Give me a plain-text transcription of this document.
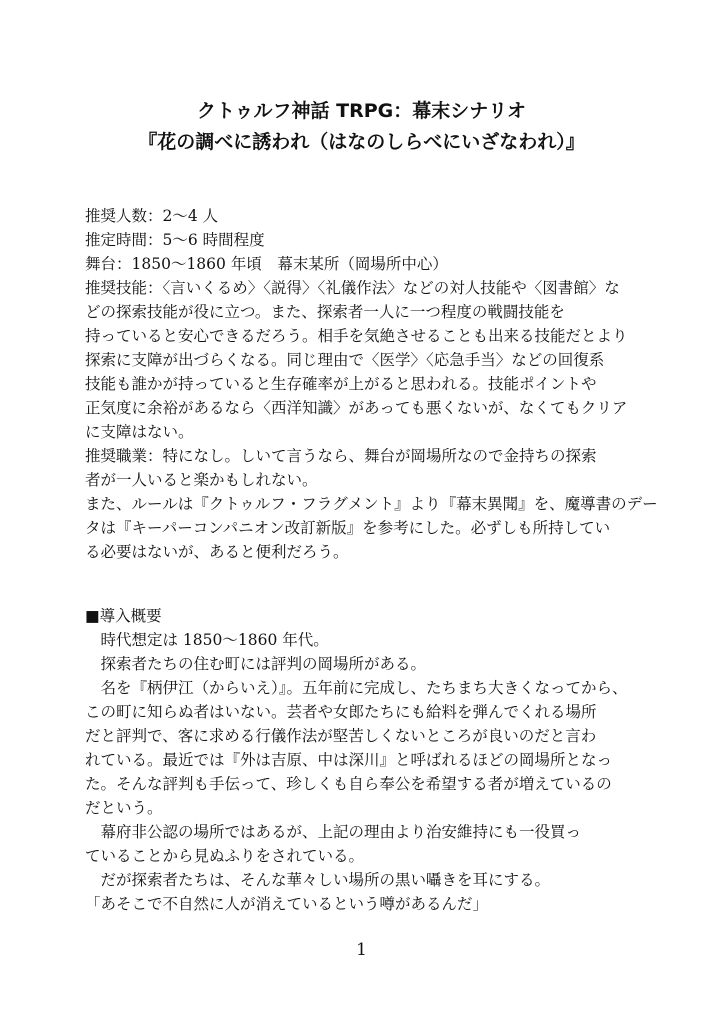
クトゥルフ神話 TRPG：幕末シナリオ
『花の調べに誘われ（はなのしらべにいざなわれ）』

推奨人数：2～4 人

推定時間：5～6 時間程度

舞台：1850～1860 年頃　幕末某所（岡場所中心）

推奨技能：〈言いくるめ〉〈説得〉〈礼儀作法〉などの対人技能や〈図書館〉な

どの探索技能が役に立つ。また、探索者一人に一つ程度の戦闘技能を

持っていると安心できるだろう。相手を気絶させることも出来る技能だとより

探索に支障が出づらくなる。同じ理由で〈医学〉〈応急手当〉などの回復系

技能も誰かが持っていると生存確率が上がると思われる。技能ポイントや

正気度に余裕があるなら〈西洋知識〉があっても悪くないが、なくてもクリア

に支障はない。

推奨職業：特になし。しいて言うなら、舞台が岡場所なので金持ちの探索

者が一人いると楽かもしれない。

また、ルールは『クトゥルフ・フラグメント』より『幕末異聞』を、魔導書のデー

タは『キーパーコンパニオン改訂新版』を参考にした。必ずしも所持してい

る必要はないが、あると便利だろう。

■導入概要

　時代想定は 1850～1860 年代。

　探索者たちの住む町には評判の岡場所がある。

　名を『柄伊江（からいえ）』。五年前に完成し、たちまち大きくなってから、

この町に知らぬ者はいない。芸者や女郎たちにも給料を弾んでくれる場所

だと評判で、客に求める行儀作法が堅苦しくないところが良いのだと言わ

れている。最近では『外は吉原、中は深川』と呼ばれるほどの岡場所となっ

た。そんな評判も手伝って、珍しくも自ら奉公を希望する者が増えているの

だという。

　幕府非公認の場所ではあるが、上記の理由より治安維持にも一役買っ

ていることから見ぬふりをされている。

　だが探索者たちは、そんな華々しい場所の黒い囁きを耳にする。

「あそこで不自然に人が消えているという噂があるんだ」

1
